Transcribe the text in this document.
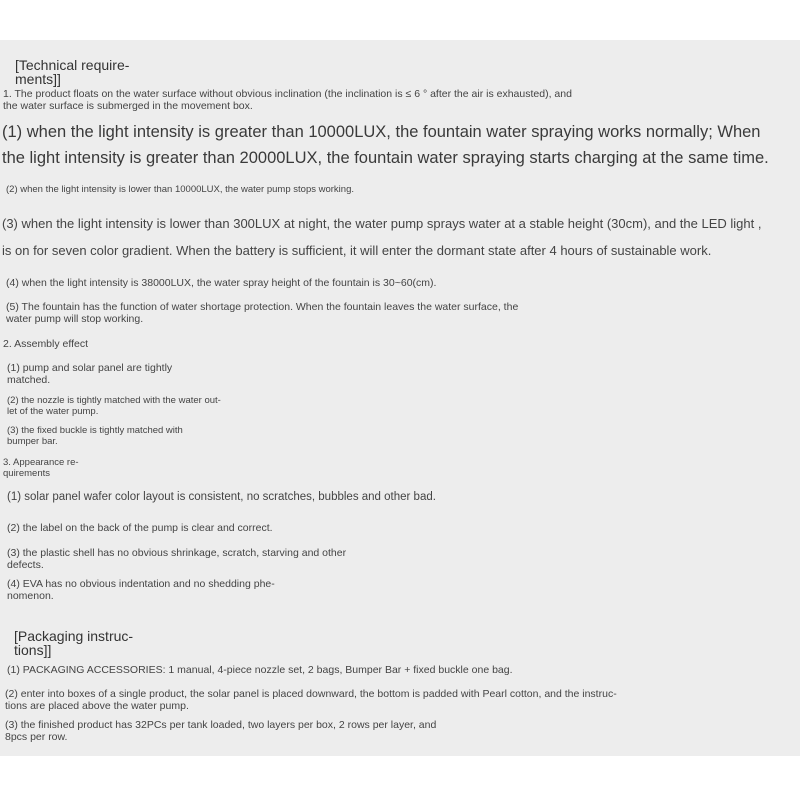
[Technical require-
ments]]
1. The product floats on the water surface without obvious inclination (the inclination is ≤ 6 ° after the air is exhausted), and
the water surface is submerged in the movement box.
(1) when the light intensity is greater than 10000LUX, the fountain water spraying works normally; When
the light intensity is greater than 20000LUX, the fountain water spraying starts charging at the same time.
(2) when the light intensity is lower than 10000LUX, the water pump stops working.
(3) when the light intensity is lower than 300LUX at night, the water pump sprays water at a stable height (30cm), and the LED light ,
is on for seven color gradient. When the battery is sufficient, it will enter the dormant state after 4 hours of sustainable work.
(4) when the light intensity is 38000LUX, the water spray height of the fountain is 30~60(cm).
(5) The fountain has the function of water shortage protection. When the fountain leaves the water surface, the
water pump will stop working.
2. Assembly effect
(1) pump and solar panel are tightly
matched.
(2) the nozzle is tightly matched with the water out-
let of the water pump.
(3) the fixed buckle is tightly matched with
bumper bar.
3. Appearance re-
quirements
(1) solar panel wafer color layout is consistent, no scratches, bubbles and other bad.
(2) the label on the back of the pump is clear and correct.
(3) the plastic shell has no obvious shrinkage, scratch, starving and other
defects.
(4) EVA has no obvious indentation and no shedding phe-
nomenon.
[Packaging instruc-
tions]]
(1) PACKAGING ACCESSORIES: 1 manual, 4-piece nozzle set, 2 bags, Bumper Bar + fixed buckle one bag.
(2) enter into boxes of a single product, the solar panel is placed downward, the bottom is padded with Pearl cotton, and the instruc-
tions are placed above the water pump.
(3) the finished product has 32PCs per tank loaded, two layers per box, 2 rows per layer, and
8pcs per row.
